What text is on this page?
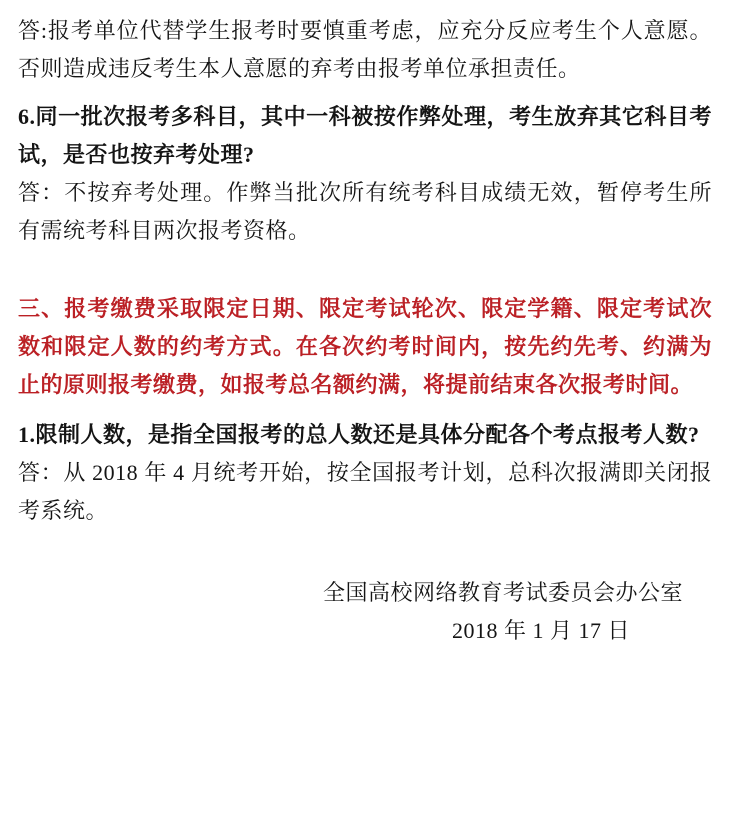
答:报考单位代替学生报考时要慎重考虑，应充分反应考生个人意愿。否则造成违反考生本人意愿的弃考由报考单位承担责任。

6.同一批次报考多科目，其中一科被按作弊处理，考生放弃其它科目考试，是否也按弃考处理?

答：不按弃考处理。作弊当批次所有统考科目成绩无效，暂停考生所有需统考科目两次报考资格。

三、报考缴费采取限定日期、限定考试轮次、限定学籍、限定考试次数和限定人数的约考方式。在各次约考时间内，按先约先考、约满为止的原则报考缴费，如报考总名额约满，将提前结束各次报考时间。

1.限制人数，是指全国报考的总人数还是具体分配各个考点报考人数?

答：从 2018 年 4 月统考开始，按全国报考计划，总科次报满即关闭报考系统。

全国高校网络教育考试委员会办公室

2018 年 1 月 17 日
